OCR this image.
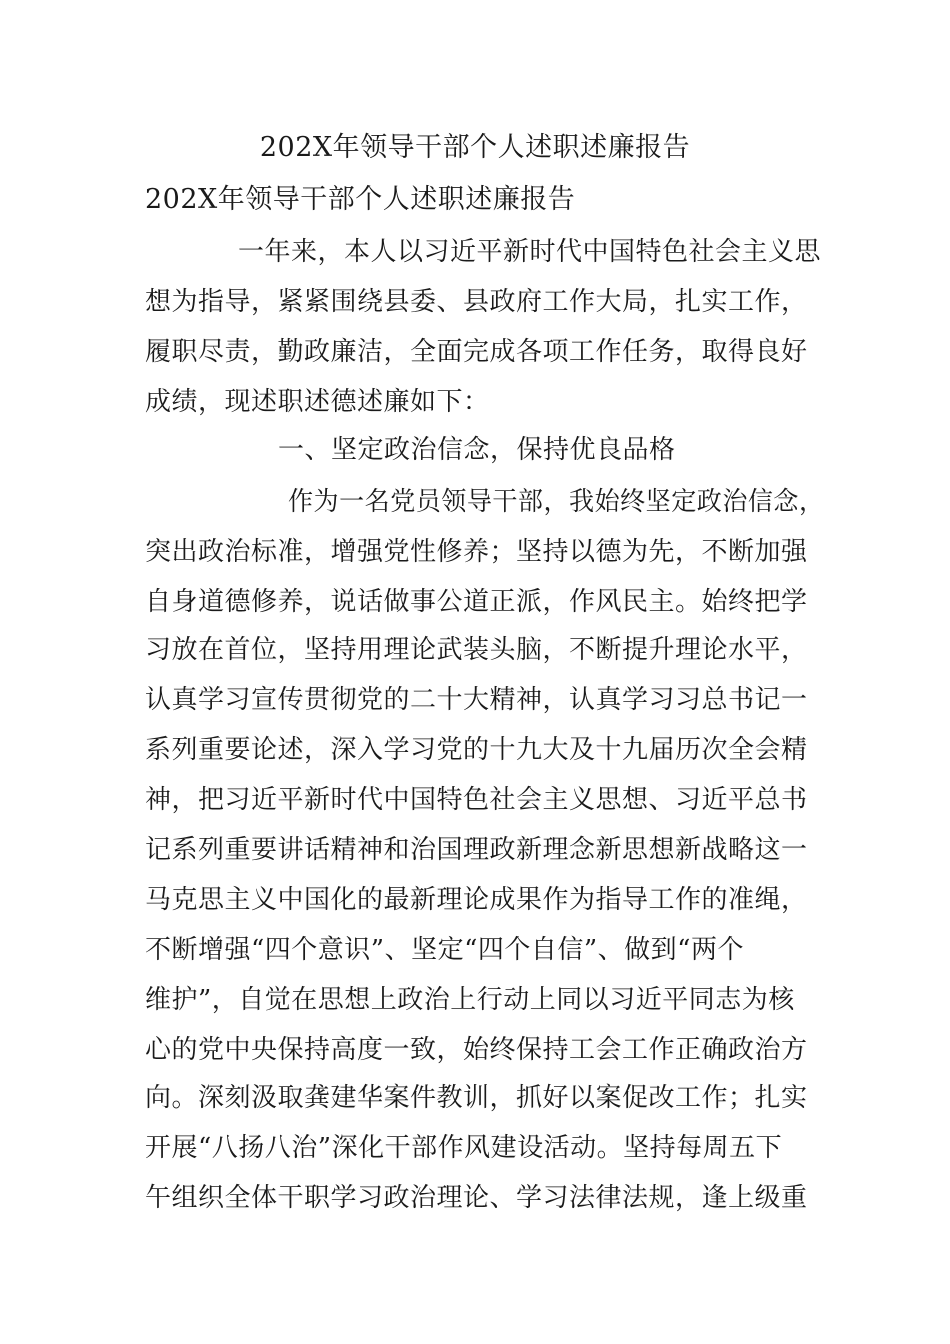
202X年领导干部个人述职述廉报告
202X年领导干部个人述职述廉报告
一年来，本人以习近平新时代中国特色社会主义思
想为指导，紧紧围绕县委、县政府工作大局，扎实工作，
履职尽责，勤政廉洁，全面完成各项工作任务，取得良好
成绩，现述职述德述廉如下：
一、坚定政治信念，保持优良品格
作为一名党员领导干部，我始终坚定政治信念，
突出政治标准，增强党性修养；坚持以德为先，不断加强
自身道德修养，说话做事公道正派，作风民主。始终把学
习放在首位，坚持用理论武装头脑，不断提升理论水平，
认真学习宣传贯彻党的二十大精神，认真学习习总书记一
系列重要论述，深入学习党的十九大及十九届历次全会精
神，把习近平新时代中国特色社会主义思想、习近平总书
记系列重要讲话精神和治国理政新理念新思想新战略这一
马克思主义中国化的最新理论成果作为指导工作的准绳，
不断增强“四个意识”、坚定“四个自信”、做到“两个
维护”，自觉在思想上政治上行动上同以习近平同志为核
心的党中央保持高度一致，始终保持工会工作正确政治方
向。深刻汲取龚建华案件教训，抓好以案促改工作；扎实
开展“八扬八治”深化干部作风建设活动。坚持每周五下
午组织全体干职学习政治理论、学习法律法规，逢上级重
